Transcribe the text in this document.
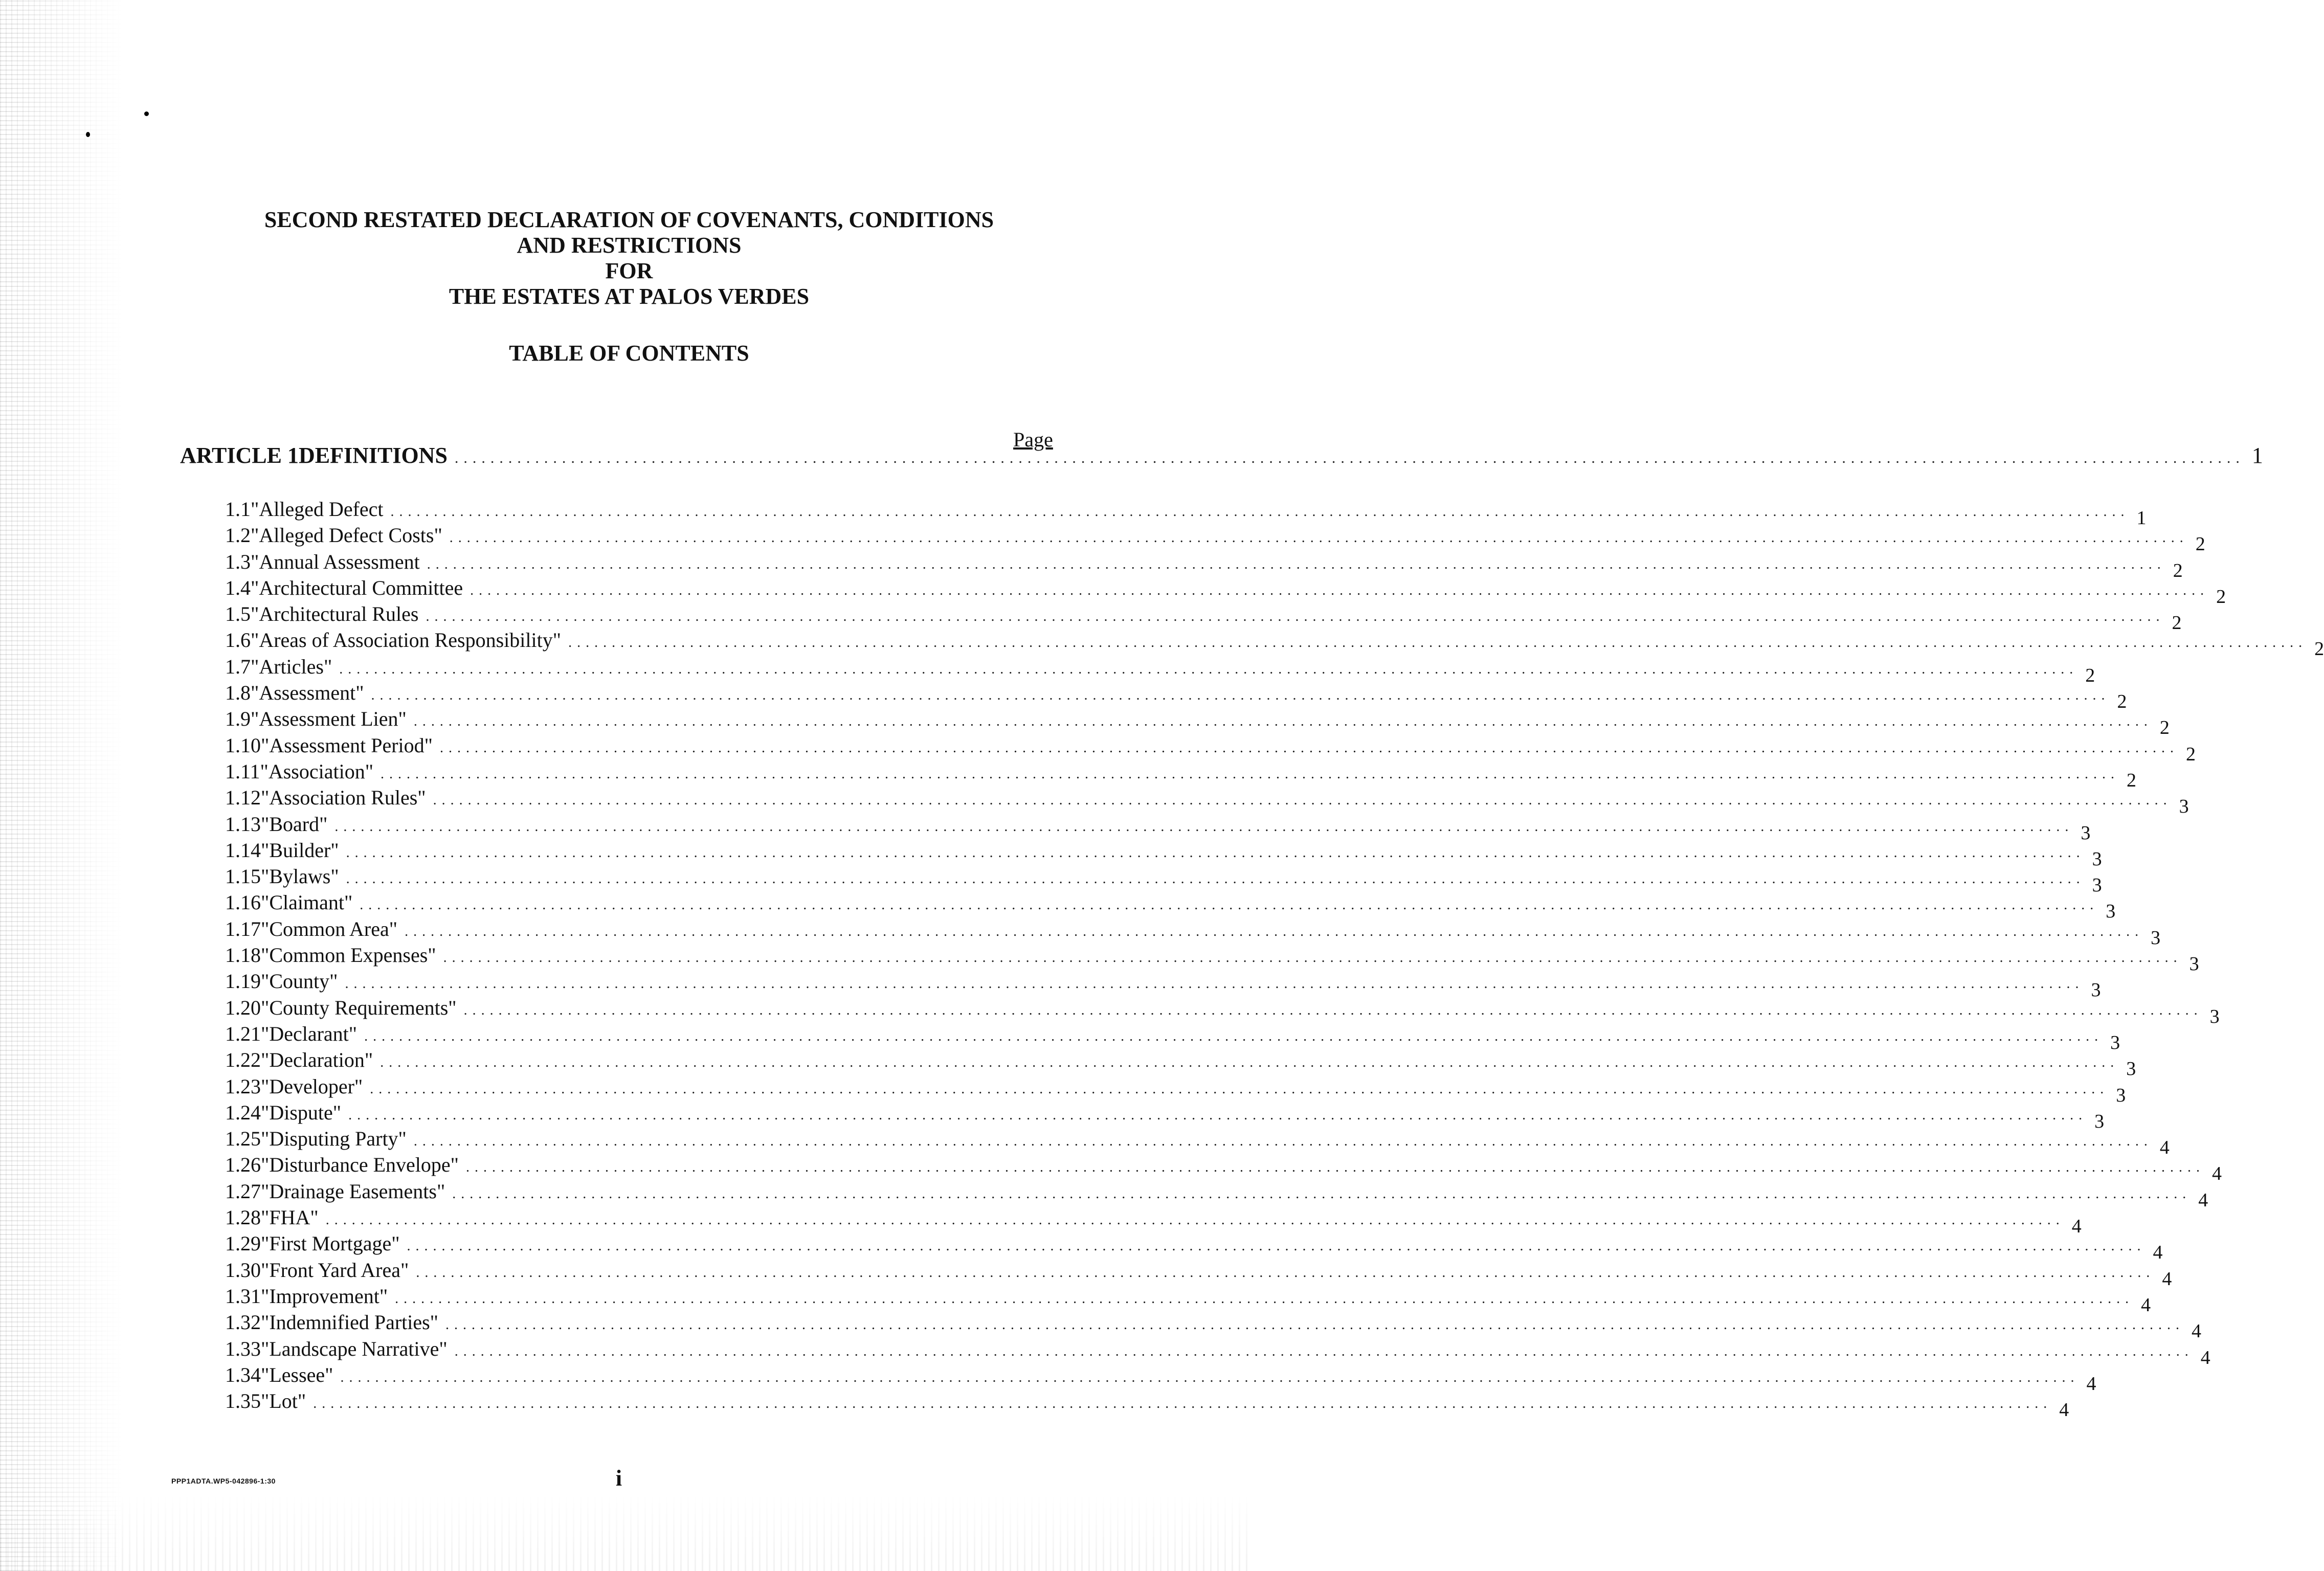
SECOND RESTATED DECLARATION OF COVENANTS, CONDITIONS
AND RESTRICTIONS
FOR
THE ESTATES AT PALOS VERDES
TABLE OF CONTENTS
Page
ARTICLE 1 DEFINITIONS ........................................................................................................................................................................................................ 1
1.1 "Alleged Defect ........................................................................................................................................................................................................ 1
1.2 "Alleged Defect Costs" ........................................................................................................................................................................................................ 2
1.3 "Annual Assessment ........................................................................................................................................................................................................ 2
1.4 "Architectural Committee ........................................................................................................................................................................................................ 2
1.5 "Architectural Rules ........................................................................................................................................................................................................ 2
1.6 "Areas of Association Responsibility" ........................................................................................................................................................................................................ 2
1.7 "Articles" ........................................................................................................................................................................................................ 2
1.8 "Assessment" ........................................................................................................................................................................................................ 2
1.9 "Assessment Lien" ........................................................................................................................................................................................................ 2
1.10 "Assessment Period" ........................................................................................................................................................................................................ 2
1.11 "Association" ........................................................................................................................................................................................................ 2
1.12 "Association Rules" ........................................................................................................................................................................................................ 3
1.13 "Board" ........................................................................................................................................................................................................ 3
1.14 "Builder" ........................................................................................................................................................................................................ 3
1.15 "Bylaws" ........................................................................................................................................................................................................ 3
1.16 "Claimant" ........................................................................................................................................................................................................ 3
1.17 "Common Area" ........................................................................................................................................................................................................ 3
1.18 "Common Expenses" ........................................................................................................................................................................................................ 3
1.19 "County" ........................................................................................................................................................................................................ 3
1.20 "County Requirements" ........................................................................................................................................................................................................ 3
1.21 "Declarant" ........................................................................................................................................................................................................ 3
1.22 "Declaration" ........................................................................................................................................................................................................ 3
1.23 "Developer" ........................................................................................................................................................................................................ 3
1.24 "Dispute" ........................................................................................................................................................................................................ 3
1.25 "Disputing Party" ........................................................................................................................................................................................................ 4
1.26 "Disturbance Envelope" ........................................................................................................................................................................................................ 4
1.27 "Drainage Easements" ........................................................................................................................................................................................................ 4
1.28 "FHA" ........................................................................................................................................................................................................ 4
1.29 "First Mortgage" ........................................................................................................................................................................................................ 4
1.30 "Front Yard Area" ........................................................................................................................................................................................................ 4
1.31 "Improvement" ........................................................................................................................................................................................................ 4
1.32 "Indemnified Parties" ........................................................................................................................................................................................................ 4
1.33 "Landscape Narrative" ........................................................................................................................................................................................................ 4
1.34 "Lessee" ........................................................................................................................................................................................................ 4
1.35 "Lot" ........................................................................................................................................................................................................ 4
PPP1ADTA.WP5-042896-1:30	i
